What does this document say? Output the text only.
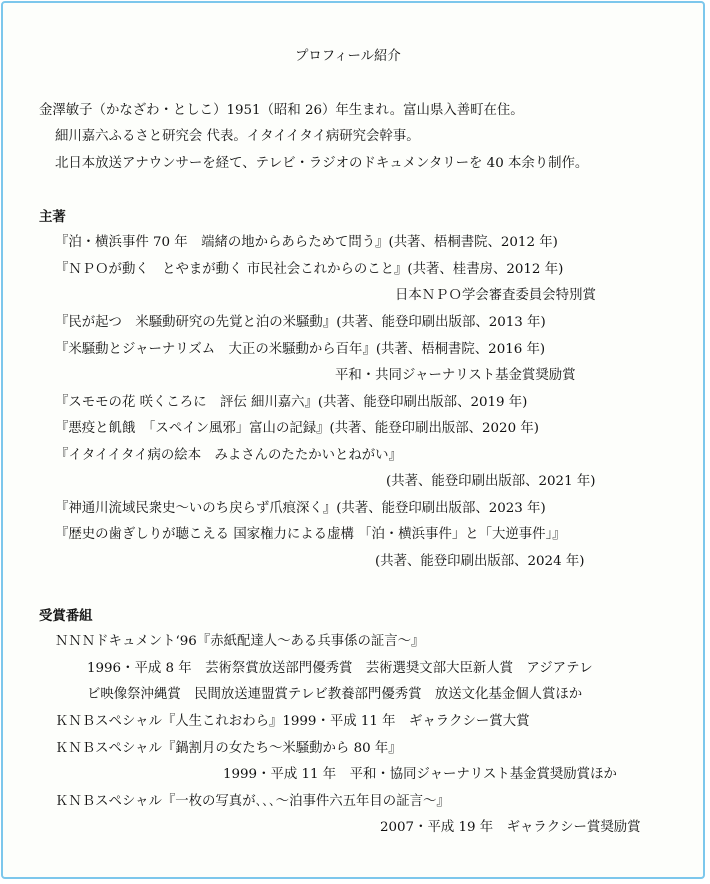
プロフィール紹介
金澤敏子（かなざわ・としこ）1951（昭和 26）年生まれ。富山県入善町在住。
細川嘉六ふるさと研究会 代表。イタイイタイ病研究会幹事。
北日本放送アナウンサーを経て、テレビ・ラジオのドキュメンタリーを 40 本余り制作。
主著
『泊・横浜事件 70 年　端緒の地からあらためて問う』(共著、梧桐書院、2012 年)
『ＮＰＯが動く　とやまが動く 市民社会これからのこと』(共著、桂書房、2012 年)
日本ＮＰＯ学会審査委員会特別賞
『民が起つ　米騒動研究の先覚と泊の米騒動』(共著、能登印刷出版部、2013 年)
『米騒動とジャーナリズム　大正の米騒動から百年』(共著、梧桐書院、2016 年)
平和・共同ジャーナリスト基金賞奨励賞
『スモモの花 咲くころに　評伝 細川嘉六』(共著、能登印刷出版部、2019 年)
『悪疫と飢餓　「スペイン風邪」富山の記録』(共著、能登印刷出版部、2020 年)
『イタイイタイ病の絵本　みよさんのたたかいとねがい』
(共著、能登印刷出版部、2021 年)
『神通川流域民衆史〜いのち戻らず爪痕深く』(共著、能登印刷出版部、2023 年)
『歴史の歯ぎしりが聴こえる 国家権力による虚構 「泊・横浜事件」と「大逆事件」』
(共著、能登印刷出版部、2024 年)
受賞番組
ＮＮＮドキュメント‘96『赤紙配達人〜ある兵事係の証言〜』
1996・平成 8 年　芸術祭賞放送部門優秀賞　芸術選奨文部大臣新人賞　アジアテレ
ビ映像祭沖縄賞　民間放送連盟賞テレビ教養部門優秀賞　放送文化基金個人賞ほか
ＫＮＢスペシャル『人生これおわら』1999・平成 11 年　ギャラクシー賞大賞
ＫＮＢスペシャル『鍋割月の女たち〜米騒動から 80 年』
1999・平成 11 年　平和・協同ジャーナリスト基金賞奨励賞ほか
ＫＮＢスペシャル『一枚の写真が､､､〜泊事件六五年目の証言〜』
2007・平成 19 年　ギャラクシー賞奨励賞
